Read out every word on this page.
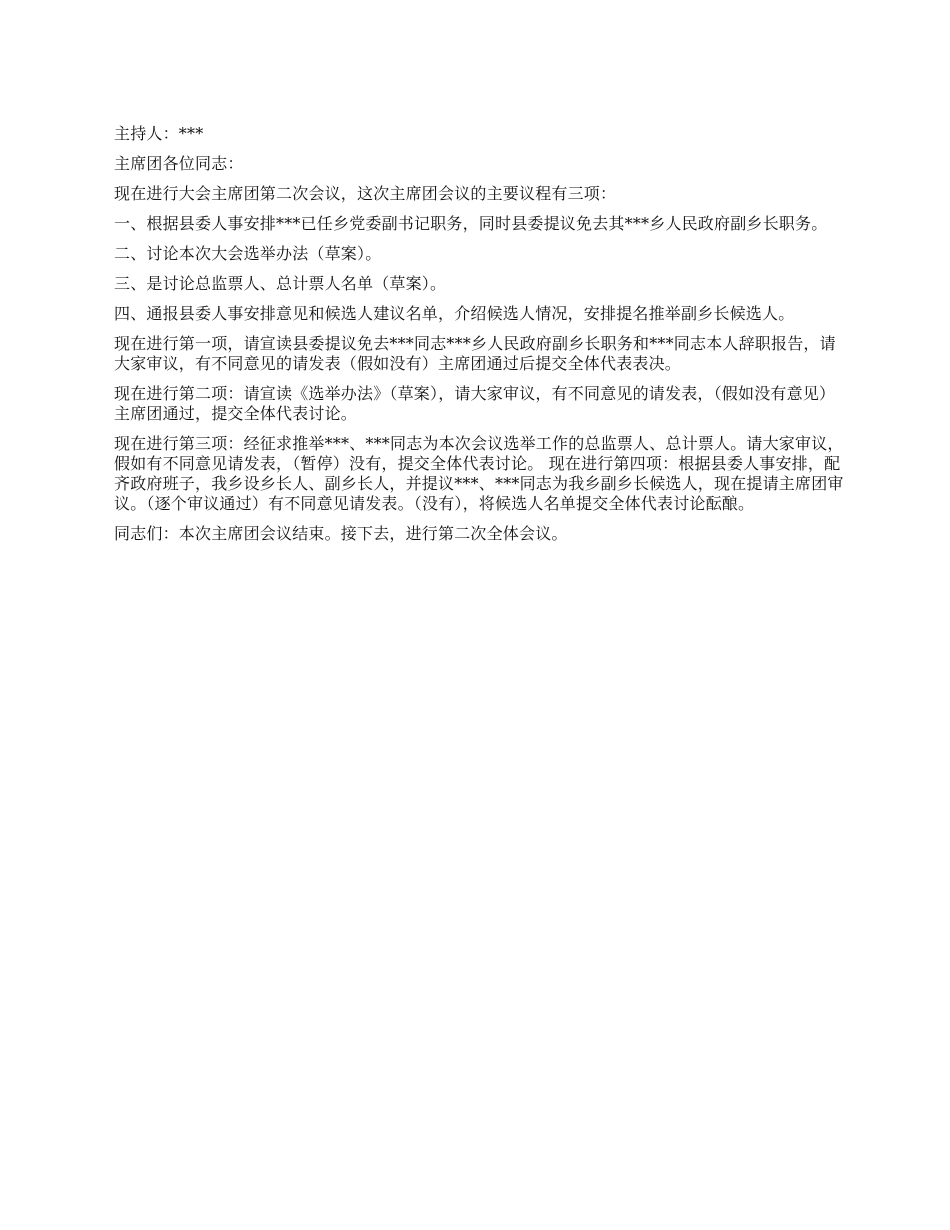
主持人：***

主席团各位同志：

现在进行大会主席团第二次会议，这次主席团会议的主要议程有三项：

一、根据县委人事安排***已任乡党委副书记职务，同时县委提议免去其***乡人民政府副乡长职务。

二、讨论本次大会选举办法（草案）。

三、是讨论总监票人、总计票人名单（草案）。

四、通报县委人事安排意见和候选人建议名单，介绍候选人情况，安排提名推举副乡长候选人。

现在进行第一项，请宣读县委提议免去***同志***乡人民政府副乡长职务和***同志本人辞职报告，请大家审议，有不同意见的请发表（假如没有）主席团通过后提交全体代表表决。

现在进行第二项：请宣读《选举办法》（草案），请大家审议，有不同意见的请发表，（假如没有意见）主席团通过，提交全体代表讨论。

现在进行第三项：经征求推举***、***同志为本次会议选举工作的总监票人、总计票人。请大家审议，假如有不同意见请发表，（暂停）没有，提交全体代表讨论。 现在进行第四项：根据县委人事安排，配齐政府班子，我乡设乡长人、副乡长人，并提议***、***同志为我乡副乡长候选人，现在提请主席团审议。（逐个审议通过）有不同意见请发表。（没有），将候选人名单提交全体代表讨论酝酿。

同志们：本次主席团会议结束。接下去，进行第二次全体会议。
